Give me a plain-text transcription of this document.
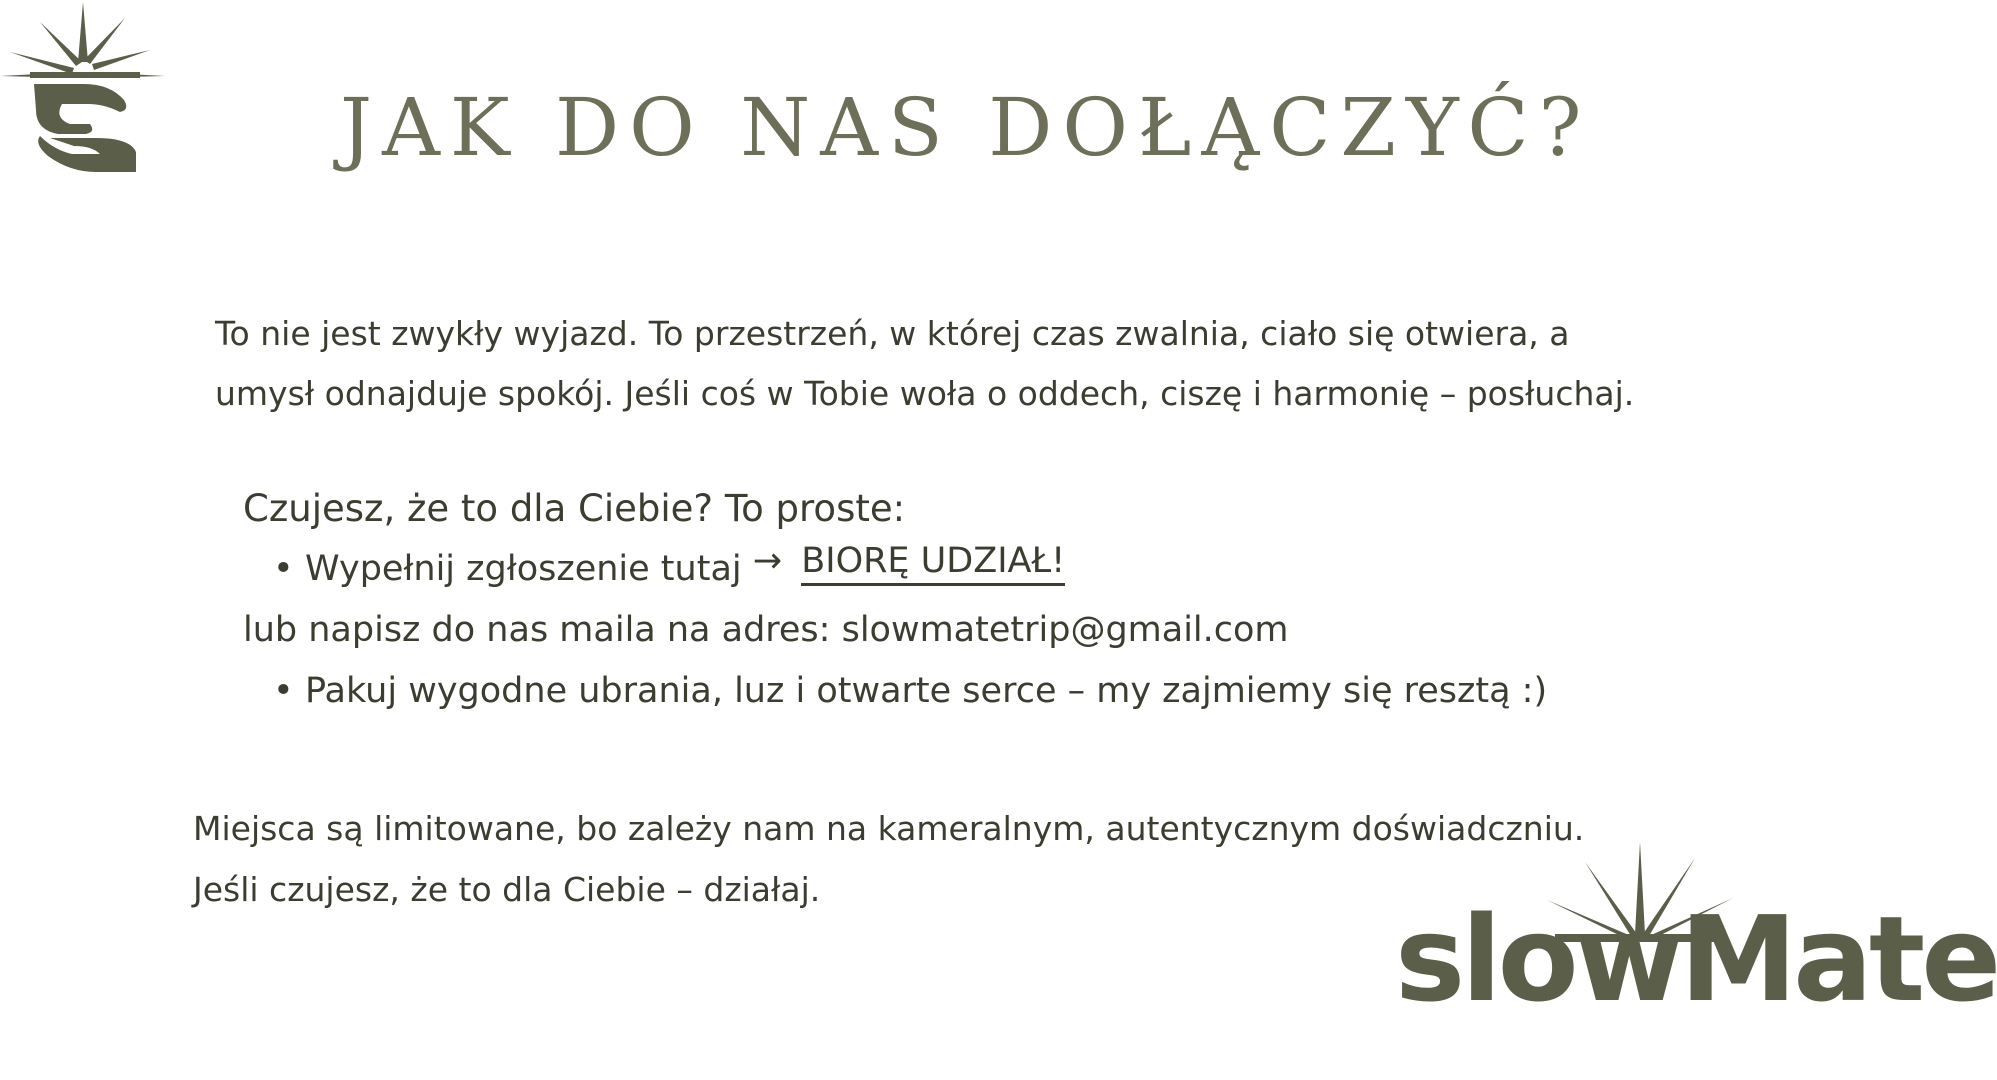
JAK DO NAS DOŁĄCZYĆ?

To nie jest zwykły wyjazd. To przestrzeń, w której czas zwalnia, ciało się otwiera, a

umysł odnajduje spokój. Jeśli coś w Tobie woła o oddech, ciszę i harmonię – posłuchaj.

Czujesz, że to dla Ciebie? To proste:

• Wypełnij zgłoszenie tutaj → BIORĘ UDZIAŁ!

lub napisz do nas maila na adres: slowmatetrip@gmail.com

• Pakuj wygodne ubrania, luz i otwarte serce – my zajmiemy się resztą :)

Miejsca są limitowane, bo zależy nam na kameralnym, autentycznym doświadczniu.

Jeśli czujesz, że to dla Ciebie – działaj.

slowMate
